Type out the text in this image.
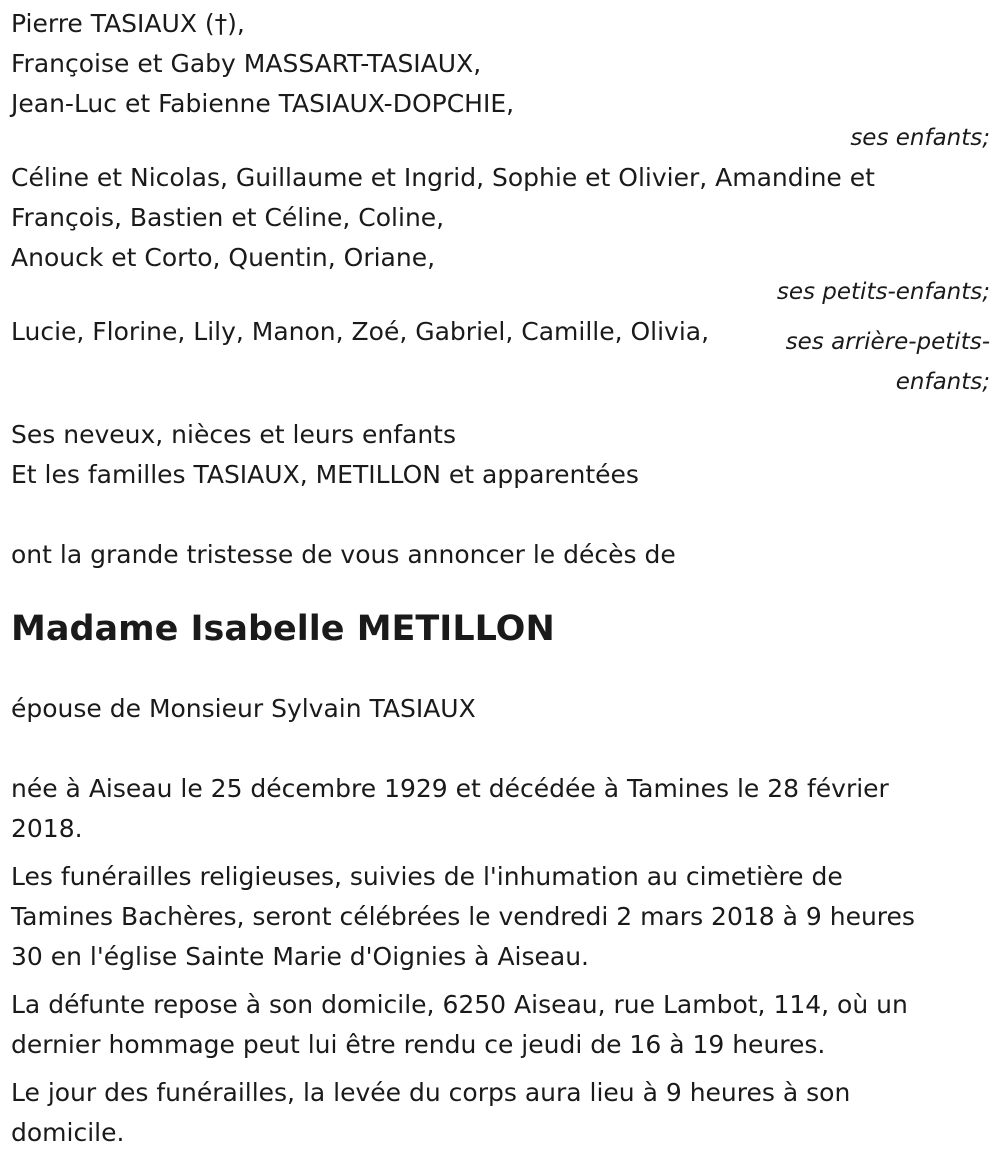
Pierre TASIAUX (†),
Françoise et Gaby MASSART-TASIAUX,
Jean-Luc et Fabienne TASIAUX-DOPCHIE,
ses enfants;
Céline et Nicolas, Guillaume et Ingrid, Sophie et Olivier, Amandine et
François, Bastien et Céline, Coline,
Anouck et Corto, Quentin, Oriane,
ses petits-enfants;
Lucie, Florine, Lily, Manon, Zoé, Gabriel, Camille, Olivia,	ses arrière-petits-
enfants;
Ses neveux, nièces et leurs enfants
Et les familles TASIAUX, METILLON et apparentées

ont la grande tristesse de vous annoncer le décès de

Madame Isabelle METILLON

épouse de Monsieur Sylvain TASIAUX

née à Aiseau le 25 décembre 1929 et décédée à Tamines le 28 février
2018.
Les funérailles religieuses, suivies de l'inhumation au cimetière de
Tamines Bachères, seront célébrées le vendredi 2 mars 2018 à 9 heures
30 en l'église Sainte Marie d'Oignies à Aiseau.
La défunte repose à son domicile, 6250 Aiseau, rue Lambot, 114, où un
dernier hommage peut lui être rendu ce jeudi de 16 à 19 heures.
Le jour des funérailles, la levée du corps aura lieu à 9 heures à son
domicile.
